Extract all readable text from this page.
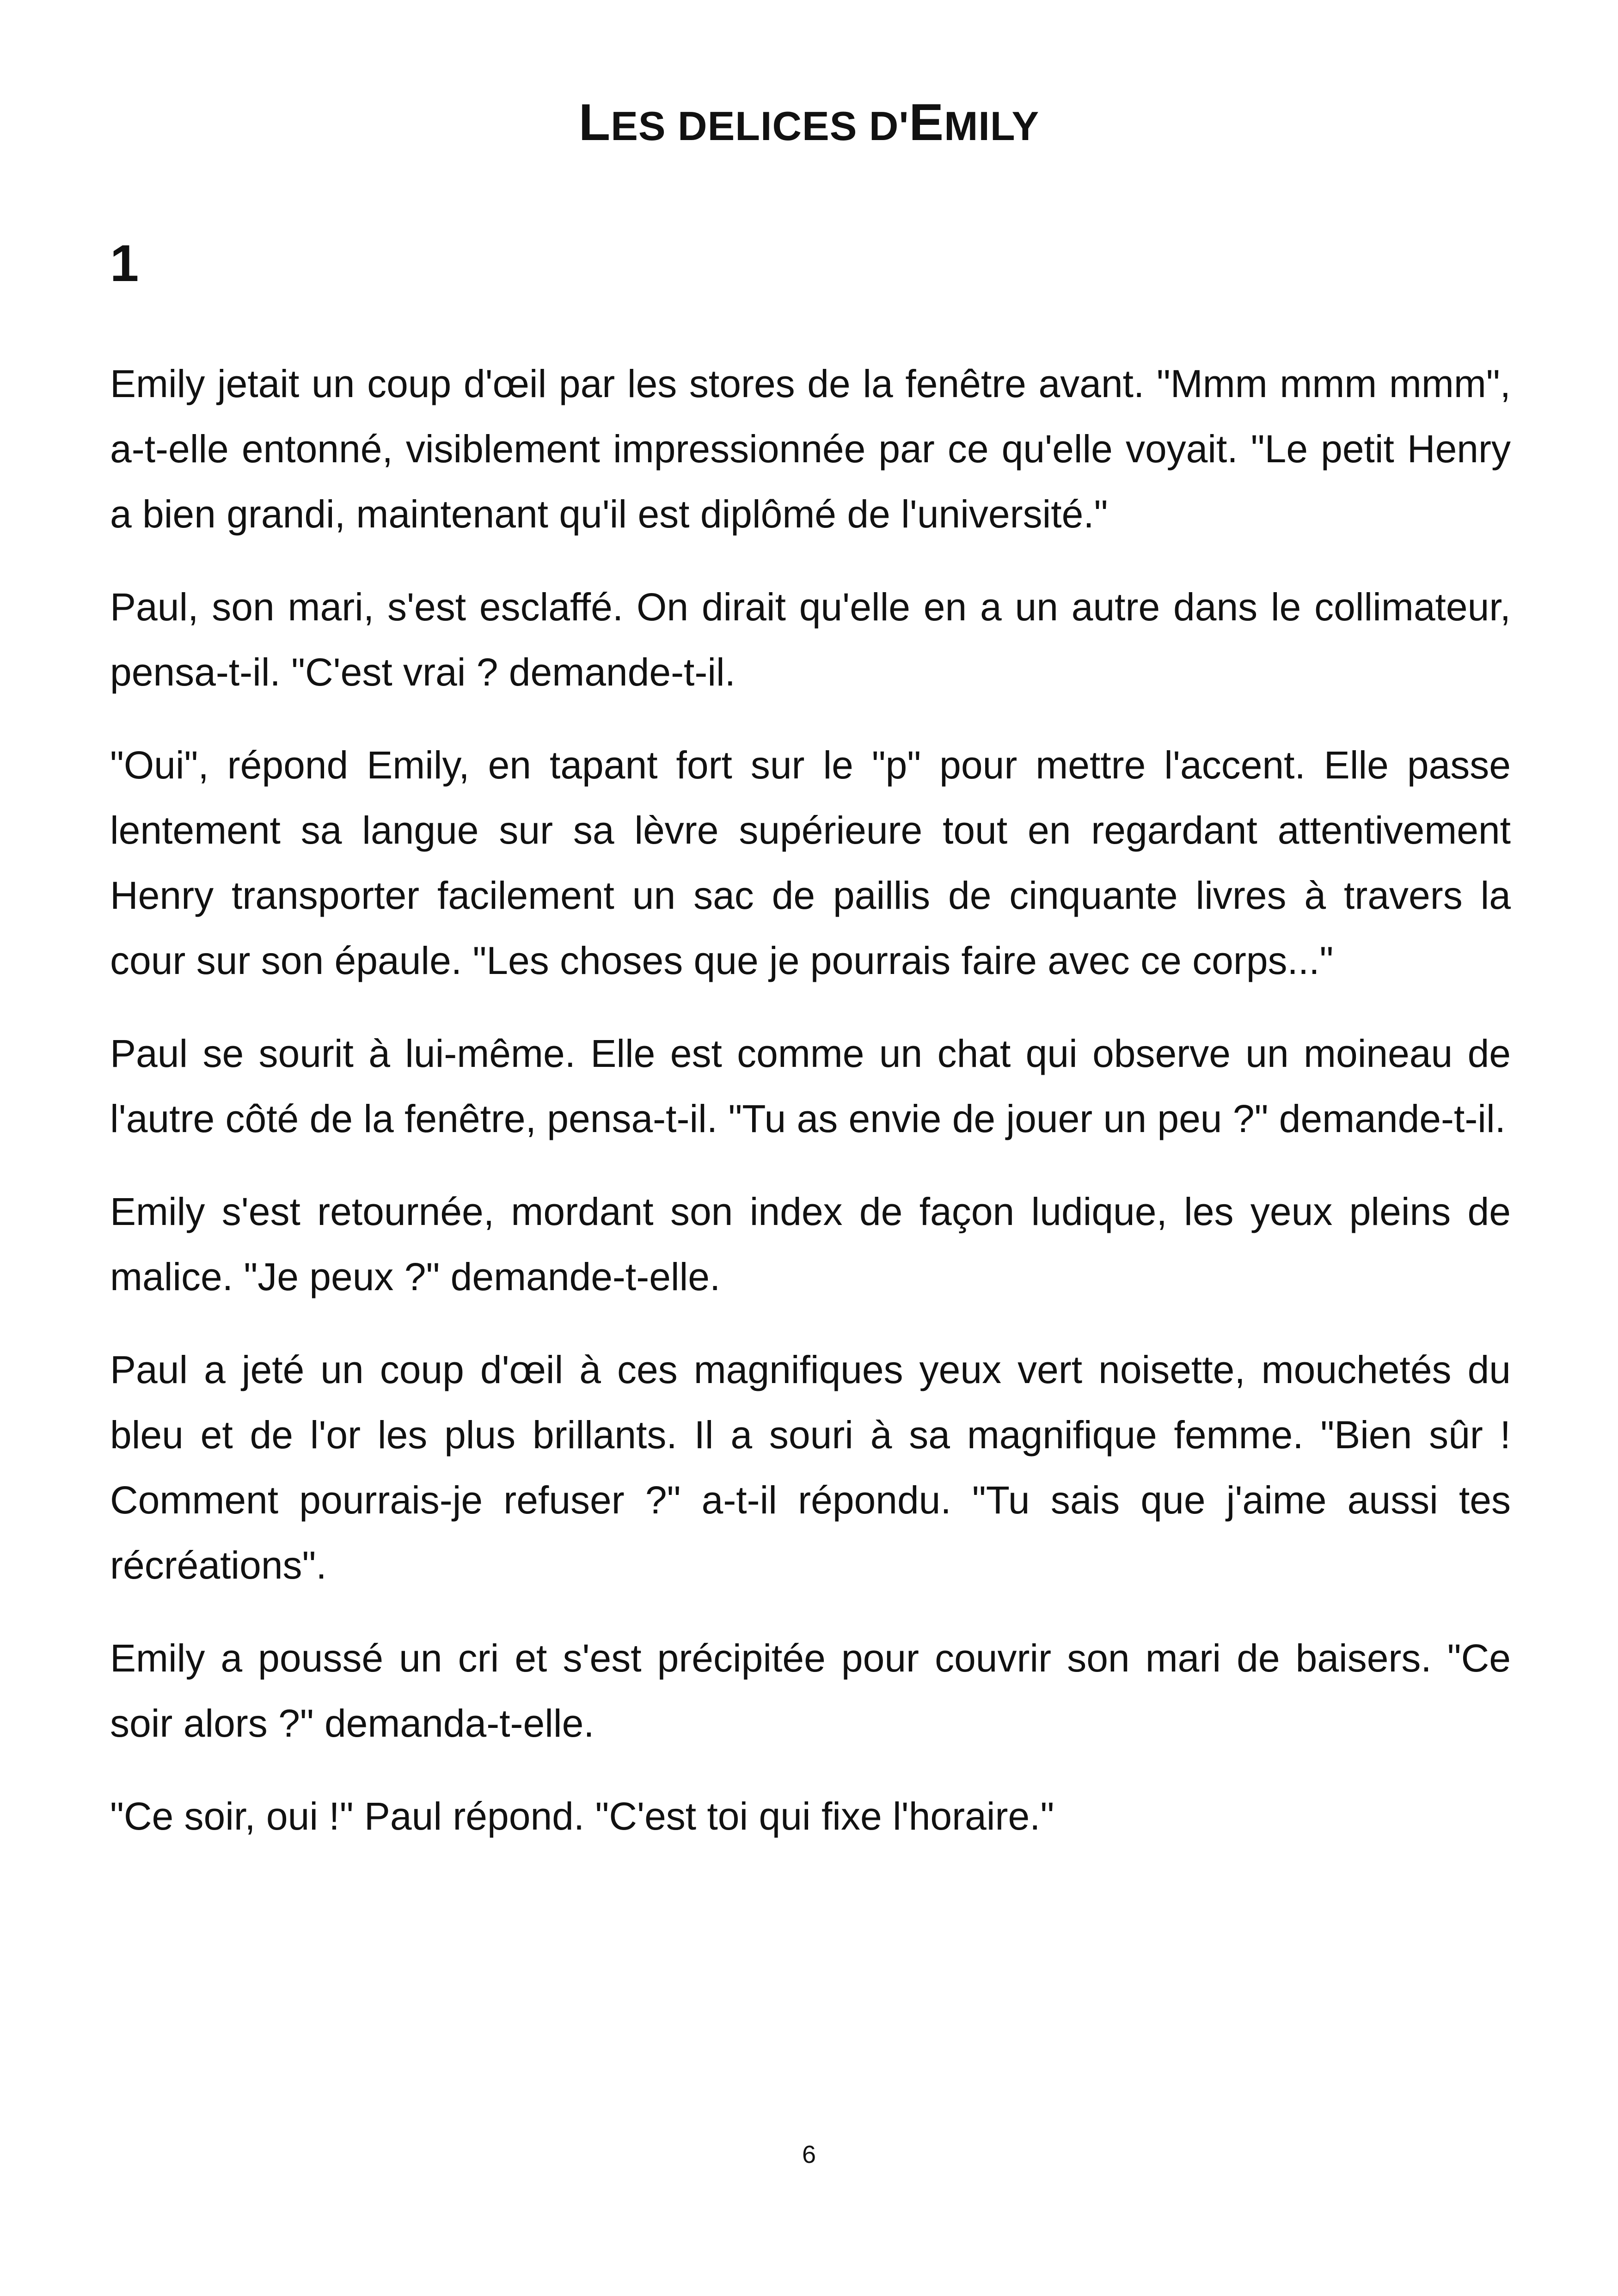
LES DELICES D'EMILY
1

Emily jetait un coup d'œil par les stores de la fenêtre avant. "Mmm mmm mmm", a-t-elle entonné, visiblement impressionnée par ce qu'elle voyait. "Le petit Henry a bien grandi, maintenant qu'il est diplômé de l'université."

Paul, son mari, s'est esclaffé. On dirait qu'elle en a un autre dans le collimateur, pensa-t-il. "C'est vrai ? demande-t-il.

"Oui", répond Emily, en tapant fort sur le "p" pour mettre l'accent. Elle passe lentement sa langue sur sa lèvre supérieure tout en regardant attentivement Henry transporter facilement un sac de paillis de cinquante livres à travers la cour sur son épaule. "Les choses que je pourrais faire avec ce corps..."

Paul se sourit à lui-même. Elle est comme un chat qui observe un moineau de l'autre côté de la fenêtre, pensa-t-il. "Tu as envie de jouer un peu ?" demande-t-il.

Emily s'est retournée, mordant son index de façon ludique, les yeux pleins de malice. "Je peux ?" demande-t-elle.

Paul a jeté un coup d'œil à ces magnifiques yeux vert noisette, mouchetés du bleu et de l'or les plus brillants. Il a souri à sa magnifique femme. "Bien sûr ! Comment pourrais-je refuser ?" a-t-il répondu. "Tu sais que j'aime aussi tes récréations".

Emily a poussé un cri et s'est précipitée pour couvrir son mari de baisers. "Ce soir alors ?" demanda-t-elle.

"Ce soir, oui !" Paul répond. "C'est toi qui fixe l'horaire."

6
